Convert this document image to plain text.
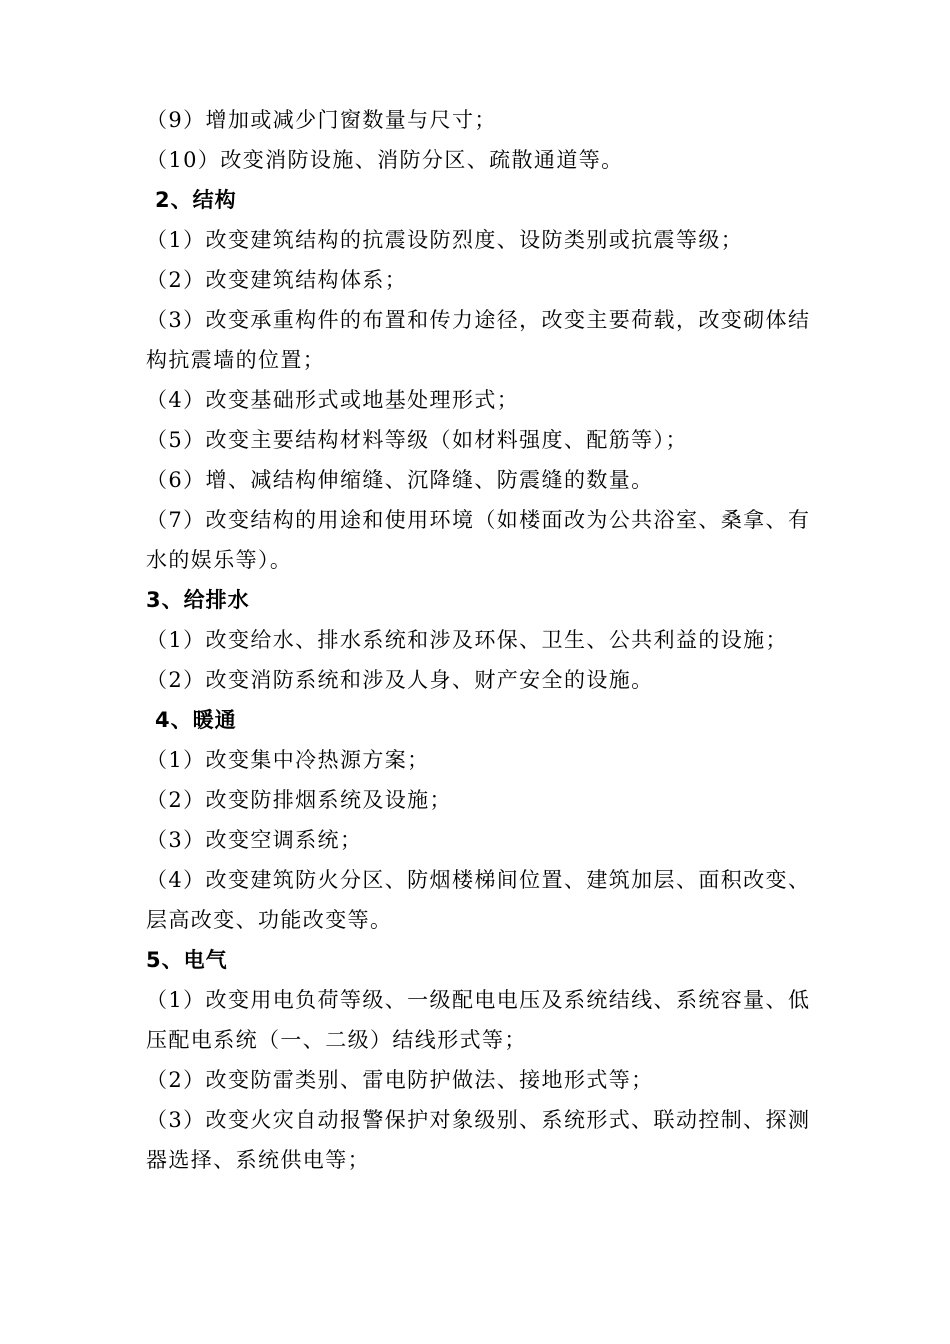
（9）增加或减少门窗数量与尺寸；
（10）改变消防设施、消防分区、疏散通道等。
2、结构
（1）改变建筑结构的抗震设防烈度、设防类别或抗震等级；
（2）改变建筑结构体系；
（3）改变承重构件的布置和传力途径，改变主要荷载，改变砌体结
构抗震墙的位置；
（4）改变基础形式或地基处理形式；
（5）改变主要结构材料等级（如材料强度、配筋等）；
（6）增、减结构伸缩缝、沉降缝、防震缝的数量。
（7）改变结构的用途和使用环境（如楼面改为公共浴室、桑拿、有
水的娱乐等）。
3、给排水
（1）改变给水、排水系统和涉及环保、卫生、公共利益的设施；
（2）改变消防系统和涉及人身、财产安全的设施。
4、暖通
（1）改变集中冷热源方案；
（2）改变防排烟系统及设施；
（3）改变空调系统；
（4）改变建筑防火分区、防烟楼梯间位置、建筑加层、面积改变、
层高改变、功能改变等。
5、电气
（1）改变用电负荷等级、一级配电电压及系统结线、系统容量、低
压配电系统（一、二级）结线形式等；
（2）改变防雷类别、雷电防护做法、接地形式等；
（3）改变火灾自动报警保护对象级别、系统形式、联动控制、探测
器选择、系统供电等；
